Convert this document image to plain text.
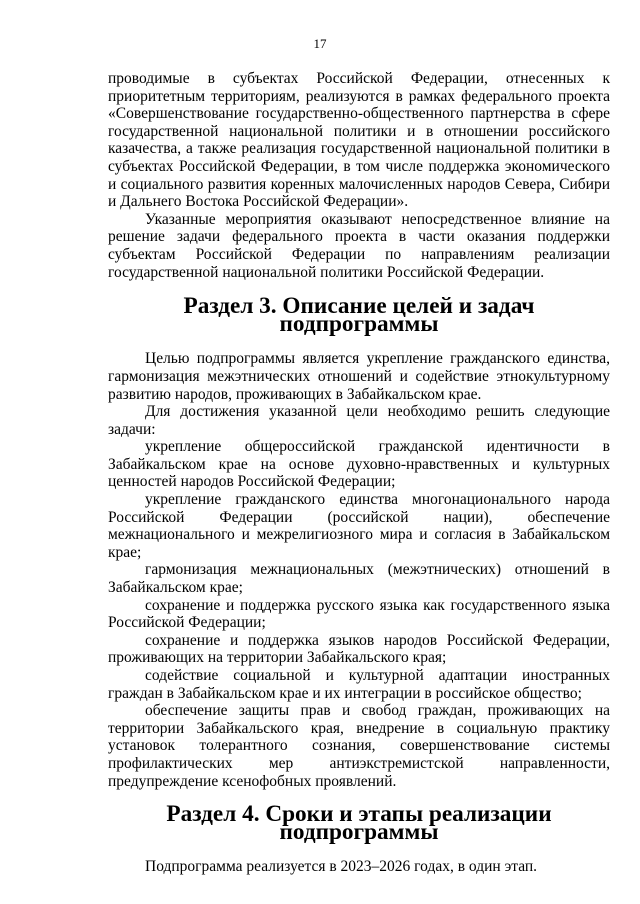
17

проводимые в субъектах Российской Федерации, отнесенных к приоритетным территориям, реализуются в рамках федерального проекта «Совершенствование государственно-общественного партнерства в сфере государственной национальной политики и в отношении российского казачества, а также реализация государственной национальной политики в субъектах Российской Федерации, в том числе поддержка экономического и социального развития коренных малочисленных народов Севера, Сибири и Дальнего Востока Российской Федерации».

Указанные мероприятия оказывают непосредственное влияние на решение задачи федерального проекта в части оказания поддержки субъектам Российской Федерации по направлениям реализации государственной национальной политики Российской Федерации.

Раздел 3. Описание целей и задач подпрограммы

Целью подпрограммы является укрепление гражданского единства, гармонизация межэтнических отношений и содействие этнокультурному развитию народов, проживающих в Забайкальском крае.

Для достижения указанной цели необходимо решить следующие задачи:

укрепление общероссийской гражданской идентичности в Забайкальском крае на основе духовно-нравственных и культурных ценностей народов Российской Федерации;

укрепление гражданского единства многонационального народа Российской Федерации (российской нации), обеспечение межнационального и межрелигиозного мира и согласия в Забайкальском крае;

гармонизация межнациональных (межэтнических) отношений в Забайкальском крае;

сохранение и поддержка русского языка как государственного языка Российской Федерации;

сохранение и поддержка языков народов Российской Федерации, проживающих на территории Забайкальского края;

содействие социальной и культурной адаптации иностранных граждан в Забайкальском крае и их интеграции в российское общество;

обеспечение защиты прав и свобод граждан, проживающих на территории Забайкальского края, внедрение в социальную практику установок толерантного сознания, совершенствование системы профилактических мер антиэкстремистской направленности, предупреждение ксенофобных проявлений.

Раздел 4. Сроки и этапы реализации подпрограммы

Подпрограмма реализуется в 2023–2026 годах, в один этап.
